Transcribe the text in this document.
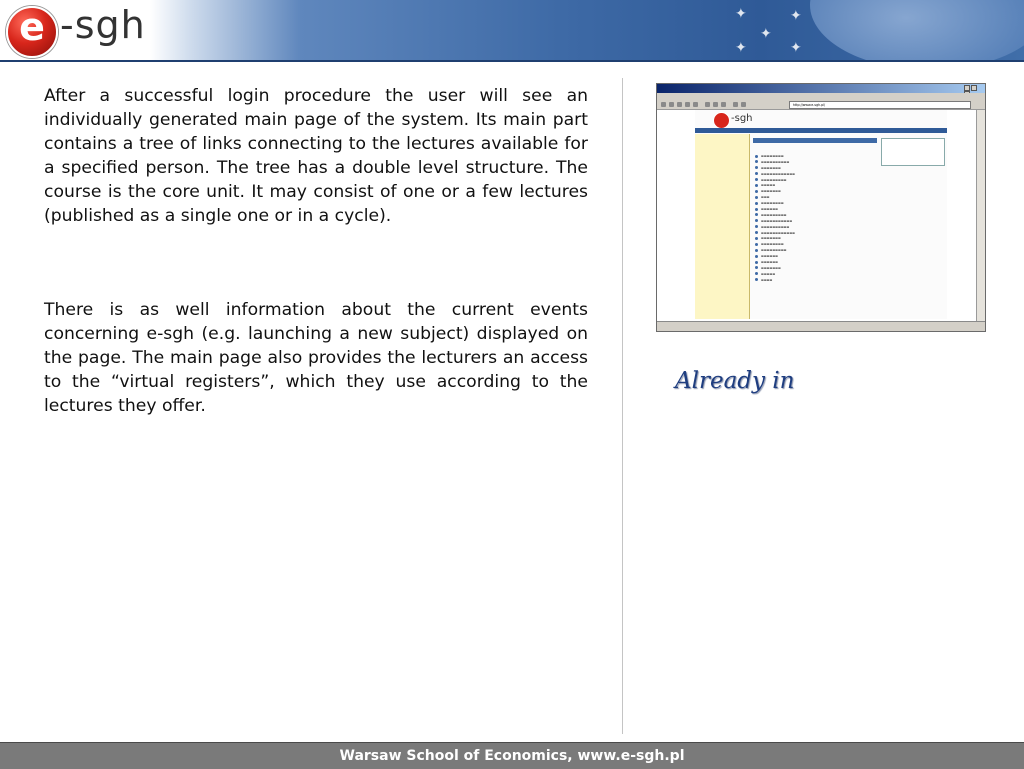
✦
✦
✦
✦	✦
e -sgh

After a successful login procedure the user will see an individually generated main page of the system. Its main part contains a tree of links connecting to the lectures available for a specified person. The tree has a double level structure. The course is the core unit. It may consist of one or a few lectures (published as a single one or in a cycle).

There is as well information about the current events concerning e-sgh (e.g. launching a new subject) displayed on the page. The main page also provides the lecturers an access to the “virtual registers”, which they use according to the lectures they offer.

http://www.e-sgh.pl/
-sgh
▬▬▬▬▬▬▬▬
▬▬▬▬▬▬▬▬▬▬
▬▬▬▬▬▬▬
▬▬▬▬▬▬▬▬▬▬▬▬
▬▬▬▬▬▬▬▬▬
▬▬▬▬▬
▬▬▬▬▬▬▬
▬▬▬
▬▬▬▬▬▬▬▬
▬▬▬▬▬▬
▬▬▬▬▬▬▬▬▬
▬▬▬▬▬▬▬▬▬▬▬
▬▬▬▬▬▬▬▬▬▬
▬▬▬▬▬▬▬▬▬▬▬▬
▬▬▬▬▬▬▬
▬▬▬▬▬▬▬▬
▬▬▬▬▬▬▬▬▬
▬▬▬▬▬▬
▬▬▬▬▬▬
▬▬▬▬▬▬▬
▬▬▬▬▬
▬▬▬▬
Already in
Warsaw School of Economics, www.e-sgh.pl
